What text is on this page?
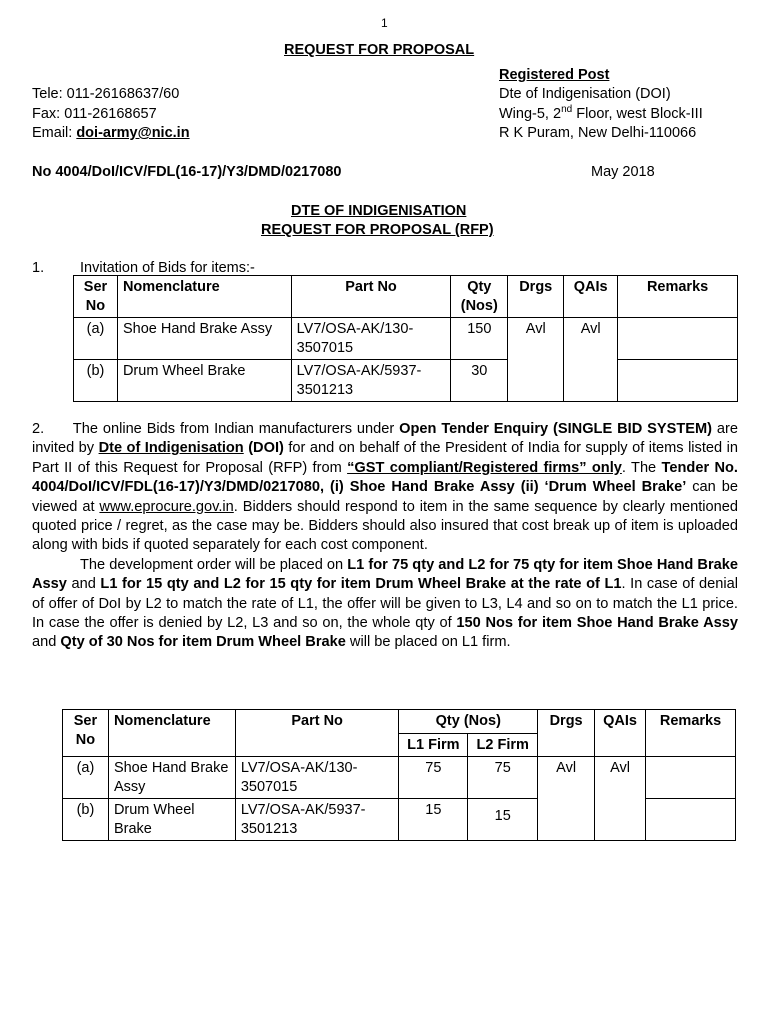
1
REQUEST FOR PROPOSAL
Tele: 011-26168637/60
Fax: 011-26168657
Email: doi-army@nic.in
Registered Post
Dte of Indigenisation (DOI)
Wing-5, 2nd Floor, west Block-III
R K Puram, New Delhi-110066
No 4004/DoI/ICV/FDL(16-17)/Y3/DMD/0217080	May 2018
DTE OF INDIGENISATION
REQUEST FOR PROPOSAL (RFP)
1. Invitation of Bids for items:-
Ser No	Nomenclature	Part No	Qty (Nos)	Drgs	QAIs	Remarks
(a)	Shoe Hand Brake Assy	LV7/OSA-AK/130-3507015	150	Avl	Avl	
(b)	Drum Wheel Brake	LV7/OSA-AK/5937-3501213	30			

2. The online Bids from Indian manufacturers under Open Tender Enquiry (SINGLE BID SYSTEM) are invited by Dte of Indigenisation (DOI) for and on behalf of the President of India for supply of items listed in Part II of this Request for Proposal (RFP) from “GST compliant/Registered firms” only. The Tender No. 4004/DoI/ICV/FDL(16-17)/Y3/DMD/0217080, (i) Shoe Hand Brake Assy (ii) ‘Drum Wheel Brake’ can be viewed at www.eprocure.gov.in. Bidders should respond to item in the same sequence by clearly mentioned quoted price / regret, as the case may be. Bidders should also insured that cost break up of item is uploaded along with bids if quoted separately for each cost component.

The development order will be placed on L1 for 75 qty and L2 for 75 qty for item Shoe Hand Brake Assy and L1 for 15 qty and L2 for 15 qty for item Drum Wheel Brake at the rate of L1. In case of denial of offer of DoI by L2 to match the rate of L1, the offer will be given to L3, L4 and so on to match the L1 price. In case the offer is denied by L2, L3 and so on, the whole qty of 150 Nos for item Shoe Hand Brake Assy and Qty of 30 Nos for item Drum Wheel Brake will be placed on L1 firm.

Ser No	Nomenclature	Part No	Qty (Nos)		Drgs	QAIs	Remarks
			L1 Firm	L2 Firm			
(a)	Shoe Hand Brake Assy	LV7/OSA-AK/130-3507015	75	75	Avl	Avl	
(b)	Drum Wheel Brake	LV7/OSA-AK/5937-3501213	15	15			
